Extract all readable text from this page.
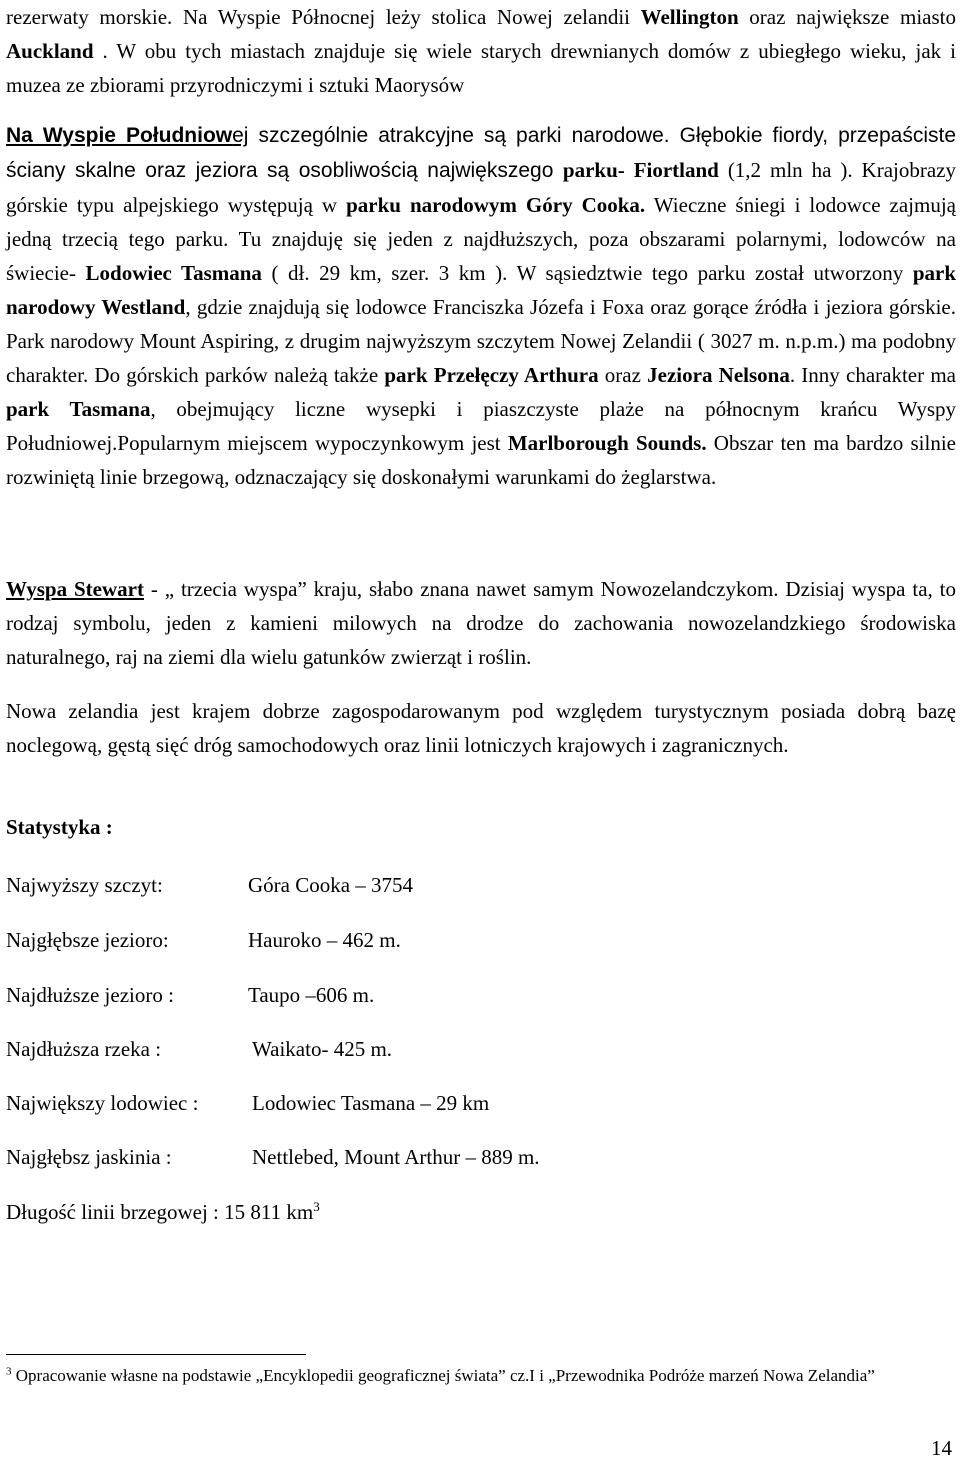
rezerwaty morskie. Na Wyspie Północnej leży stolica Nowej zelandii Wellington oraz największe miasto Auckland . W obu tych miastach znajduje się wiele starych drewnianych domów z ubiegłego wieku, jak i muzea ze zbiorami przyrodniczymi i sztuki Maorysów

Na Wyspie Południowej szczególnie atrakcyjne są parki narodowe. Głębokie fiordy, przepaściste ściany skalne oraz jeziora są osobliwością największego parku- Fiortland (1,2 mln ha ). Krajobrazy górskie typu alpejskiego występują w parku narodowym Góry Cooka. Wieczne śniegi i lodowce zajmują jedną trzecią tego parku. Tu znajduję się jeden z najdłuższych, poza obszarami polarnymi, lodowców na świecie- Lodowiec Tasmana ( dł. 29 km, szer. 3 km ). W sąsiedztwie tego parku został utworzony park narodowy Westland, gdzie znajdują się lodowce Franciszka Józefa i Foxa oraz gorące źródła i jeziora górskie. Park narodowy Mount Aspiring, z drugim najwyższym szczytem Nowej Zelandii ( 3027 m. n.p.m.) ma podobny charakter. Do górskich parków należą także park Przełęczy Arthura oraz Jeziora Nelsona. Inny charakter ma park Tasmana, obejmujący liczne wysepki i piaszczyste plaże na północnym krańcu Wyspy Południowej.Popularnym miejscem wypoczynkowym jest Marlborough Sounds. Obszar ten ma bardzo silnie rozwiniętą linie brzegową, odznaczający się doskonałymi warunkami do żeglarstwa.

Wyspa Stewart - „ trzecia wyspa” kraju, słabo znana nawet samym Nowozelandczykom. Dzisiaj wyspa ta, to rodzaj symbolu, jeden z kamieni milowych na drodze do zachowania nowozelandzkiego środowiska naturalnego, raj na ziemi dla wielu gatunków zwierząt i roślin.

Nowa zelandia jest krajem dobrze zagospodarowanym pod względem turystycznym posiada dobrą bazę noclegową, gęstą sięć dróg samochodowych oraz linii lotniczych krajowych i zagranicznych.

Statystyka :

Najwyższy szczyt:	Góra Cooka – 3754
Najgłębsze jezioro:	Hauroko – 462 m.
Najdłuższe jezioro :	Taupo –606 m.
Najdłuższa rzeka :	Waikato- 425 m.
Największy lodowiec :	Lodowiec Tasmana – 29 km
Najgłębsz jaskinia :	Nettlebed, Mount Arthur – 889 m.

Długość linii brzegowej : 15 811 $km^3$

$^3$ Opracowanie własne na podstawie „Encyklopedii geograficznej świata” cz.I i „Przewodnika Podróże marzeń Nowa Zelandia”
14
